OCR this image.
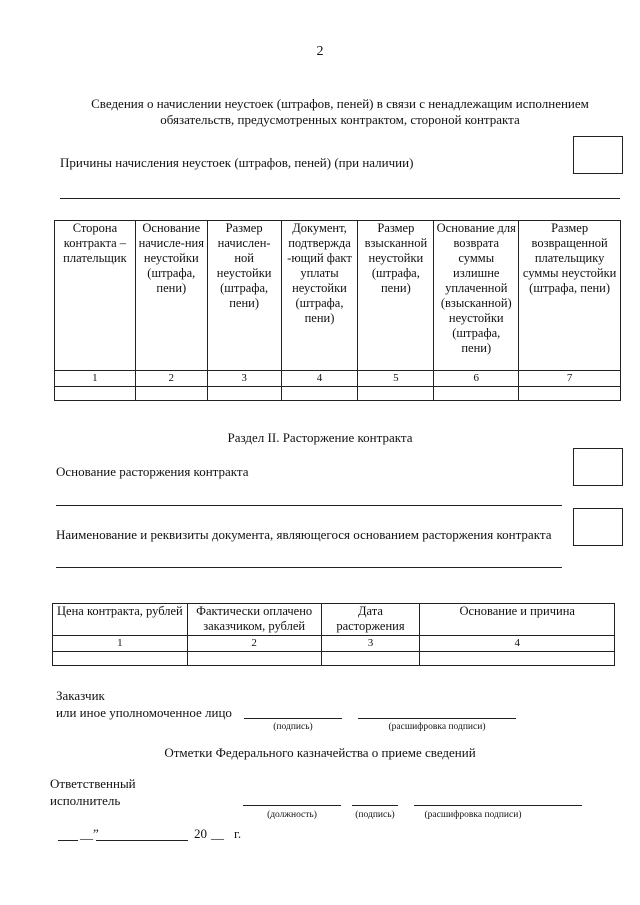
2
Сведения о начислении неустоек (штрафов, пеней) в связи с ненадлежащим исполнением обязательств, предусмотренных контрактом, стороной контракта
Причины начисления неустоек (штрафов, пеней) (при наличии)
Сторона контракта – плательщик	Основание начисле-ния неустойки (штрафа, пени)	Размер начислен-ной неустойки (штрафа, пени)	Документ, подтвержда -ющий факт уплаты неустойки (штрафа, пени)	Размер взысканной неустойки (штрафа, пени)	Основание для возврата суммы излишне уплаченной (взысканной) неустойки (штрафа, пени)	Размер возвращенной плательщику суммы неустойки (штрафа, пени)
1	2	3	4	5	6	7

Раздел II. Расторжение контракта
Основание расторжения контракта
Наименование и реквизиты документа, являющегося основанием расторжения контракта
Цена контракта, рублей	Фактически оплачено заказчиком, рублей	Дата расторжения	Основание и причина
1	2	3	4

Заказчик
или иное уполномоченное лицо
(подпись)	(расшифровка подписи)
Отметки Федерального казначейства о приеме сведений
Ответственный
исполнитель
(должность)	(подпись)	(расшифровка подписи)
__”	20 __ г.
